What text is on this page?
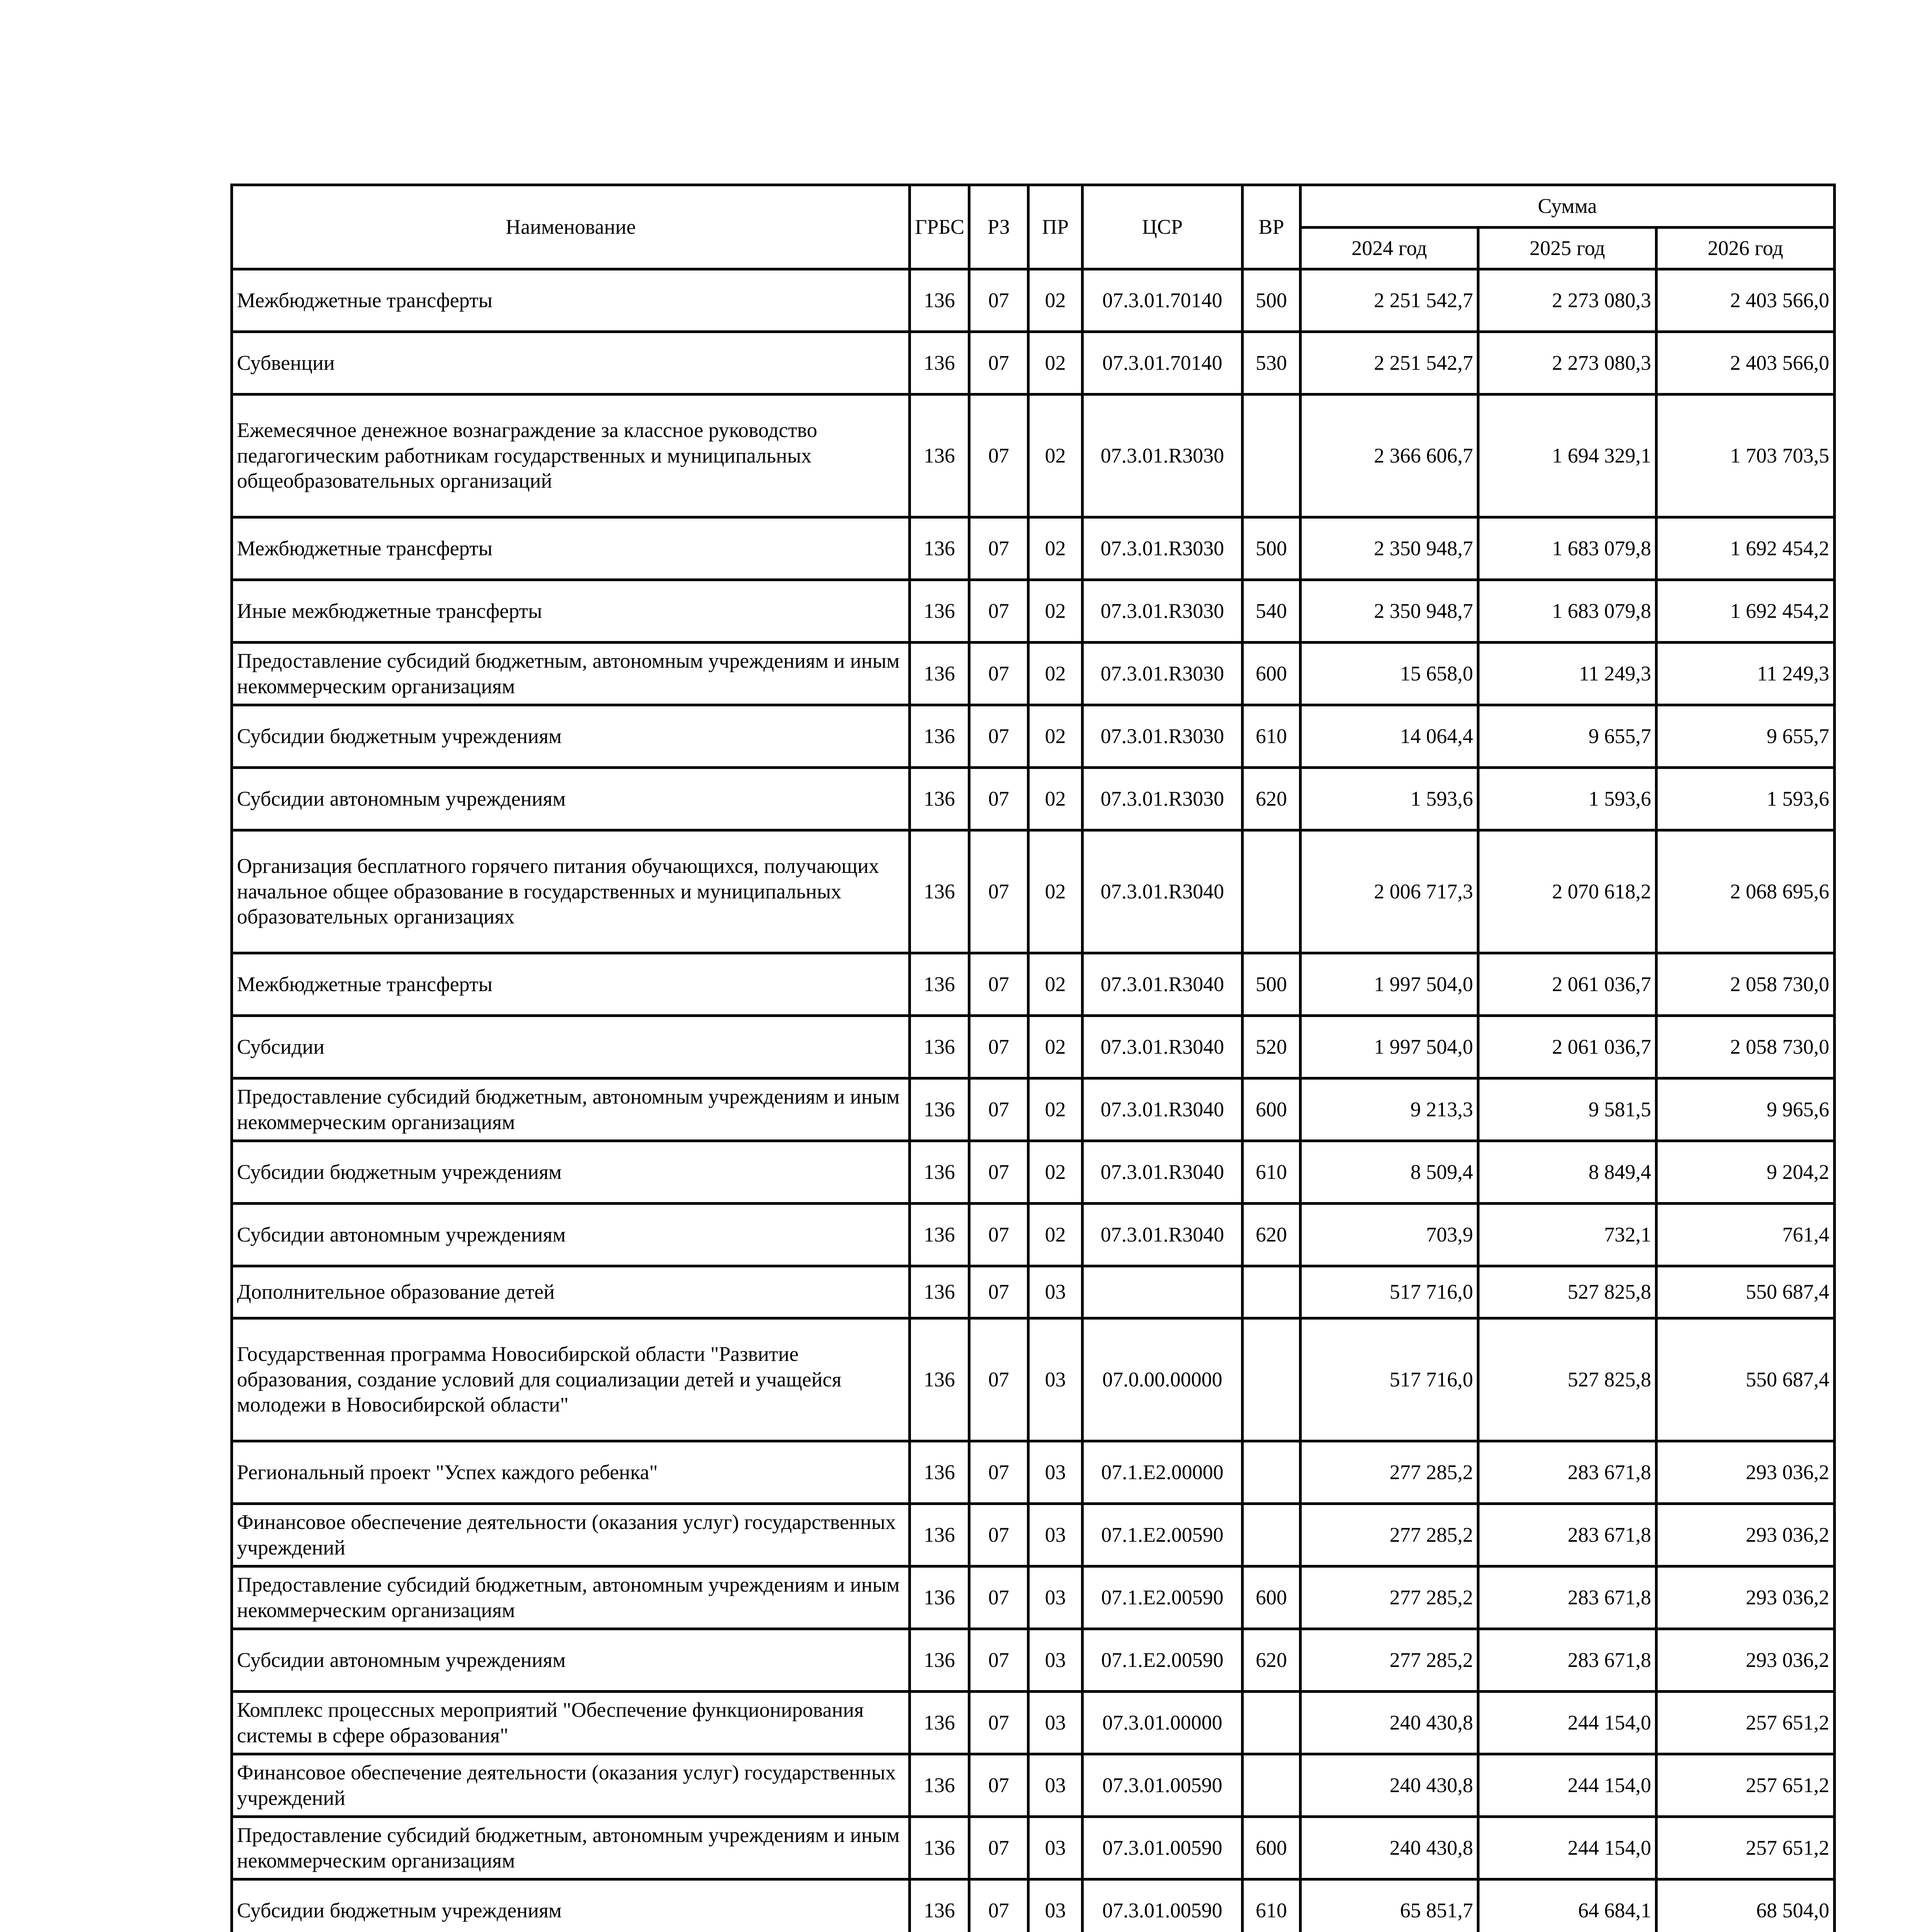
Наименование	ГРБС	РЗ	ПР	ЦСР	ВР	Сумма		
						2024 год	2025 год	2026 год
Межбюджетные трансферты	136	07	02	07.3.01.70140	500	2 251 542,7	2 273 080,3	2 403 566,0
Субвенции	136	07	02	07.3.01.70140	530	2 251 542,7	2 273 080,3	2 403 566,0
Ежемесячное денежное вознаграждение за классное руководство педагогическим работникам государственных и муниципальных общеобразовательных организаций	136	07	02	07.3.01.R3030		2 366 606,7	1 694 329,1	1 703 703,5
Межбюджетные трансферты	136	07	02	07.3.01.R3030	500	2 350 948,7	1 683 079,8	1 692 454,2
Иные межбюджетные трансферты	136	07	02	07.3.01.R3030	540	2 350 948,7	1 683 079,8	1 692 454,2
Предоставление субсидий бюджетным, автономным учреждениям и иным некоммерческим организациям	136	07	02	07.3.01.R3030	600	15 658,0	11 249,3	11 249,3
Субсидии бюджетным учреждениям	136	07	02	07.3.01.R3030	610	14 064,4	9 655,7	9 655,7
Субсидии автономным учреждениям	136	07	02	07.3.01.R3030	620	1 593,6	1 593,6	1 593,6
Организация бесплатного горячего питания обучающихся, получающих начальное общее образование в государственных и муниципальных образовательных организациях	136	07	02	07.3.01.R3040		2 006 717,3	2 070 618,2	2 068 695,6
Межбюджетные трансферты	136	07	02	07.3.01.R3040	500	1 997 504,0	2 061 036,7	2 058 730,0
Субсидии	136	07	02	07.3.01.R3040	520	1 997 504,0	2 061 036,7	2 058 730,0
Предоставление субсидий бюджетным, автономным учреждениям и иным некоммерческим организациям	136	07	02	07.3.01.R3040	600	9 213,3	9 581,5	9 965,6
Субсидии бюджетным учреждениям	136	07	02	07.3.01.R3040	610	8 509,4	8 849,4	9 204,2
Субсидии автономным учреждениям	136	07	02	07.3.01.R3040	620	703,9	732,1	761,4
Дополнительное образование детей	136	07	03			517 716,0	527 825,8	550 687,4
Государственная программа Новосибирской области "Развитие образования, создание условий для социализации детей и учащейся молодежи в Новосибирской области"	136	07	03	07.0.00.00000		517 716,0	527 825,8	550 687,4
Региональный проект "Успех каждого ребенка"	136	07	03	07.1.E2.00000		277 285,2	283 671,8	293 036,2
Финансовое обеспечение деятельности (оказания услуг) государственных учреждений	136	07	03	07.1.E2.00590		277 285,2	283 671,8	293 036,2
Предоставление субсидий бюджетным, автономным учреждениям и иным некоммерческим организациям	136	07	03	07.1.E2.00590	600	277 285,2	283 671,8	293 036,2
Субсидии автономным учреждениям	136	07	03	07.1.E2.00590	620	277 285,2	283 671,8	293 036,2
Комплекс процессных мероприятий "Обеспечение функционирования системы в сфере образования"	136	07	03	07.3.01.00000		240 430,8	244 154,0	257 651,2
Финансовое обеспечение деятельности (оказания услуг) государственных учреждений	136	07	03	07.3.01.00590		240 430,8	244 154,0	257 651,2
Предоставление субсидий бюджетным, автономным учреждениям и иным некоммерческим организациям	136	07	03	07.3.01.00590	600	240 430,8	244 154,0	257 651,2
Субсидии бюджетным учреждениям	136	07	03	07.3.01.00590	610	65 851,7	64 684,1	68 504,0
